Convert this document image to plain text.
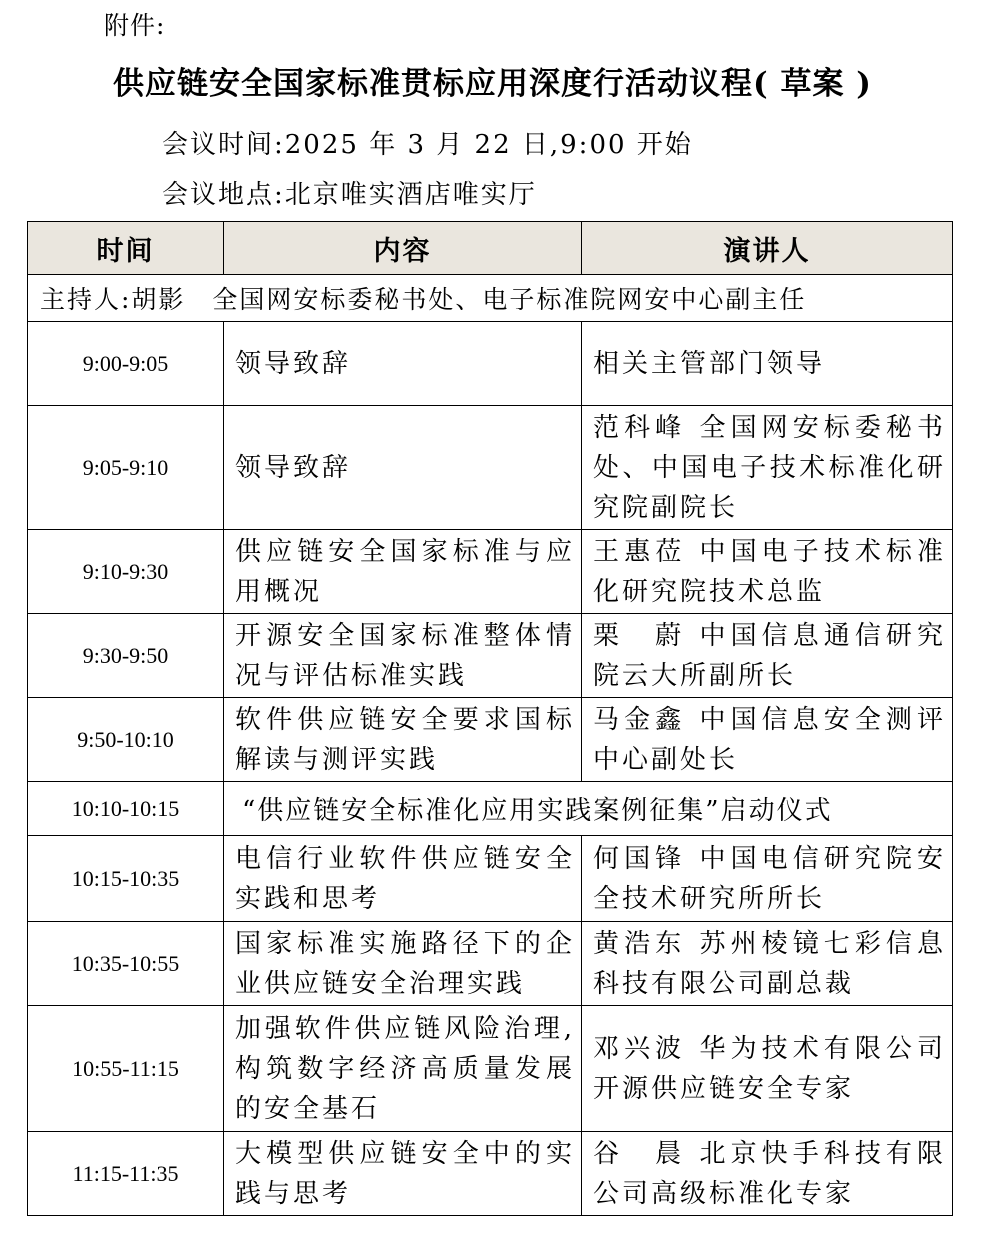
附件:
供应链安全国家标准贯标应用深度行活动议程( 草案 )
会议时间:2025 年 3 月 22 日,9:00 开始
会议地点:北京唯实酒店唯实厅
时间	内容	演讲人
主持人:胡影　全国网安标委秘书处、电子标准院网安中心副主任		
9:00-9:05	领导致辞	相关主管部门领导
9:05-9:10	领导致辞	范科峰 全国网安标委秘书处、中国电子技术标准化研究院副院长
9:10-9:30	供应链安全国家标准与应用概况	王惠莅 中国电子技术标准化研究院技术总监
9:30-9:50	开源安全国家标准整体情况与评估标准实践	栗　蔚 中国信息通信研究院云大所副所长
9:50-10:10	软件供应链安全要求国标解读与测评实践	马金鑫 中国信息安全测评中心副处长
10:10-10:15	“供应链安全标准化应用实践案例征集”启动仪式	
10:15-10:35	电信行业软件供应链安全实践和思考	何国锋 中国电信研究院安全技术研究所所长
10:35-10:55	国家标准实施路径下的企业供应链安全治理实践	黄浩东 苏州棱镜七彩信息科技有限公司副总裁
10:55-11:15	加强软件供应链风险治理,构筑数字经济高质量发展的安全基石	邓兴波 华为技术有限公司开源供应链安全专家
11:15-11:35	大模型供应链安全中的实践与思考	谷　晨 北京快手科技有限公司高级标准化专家
